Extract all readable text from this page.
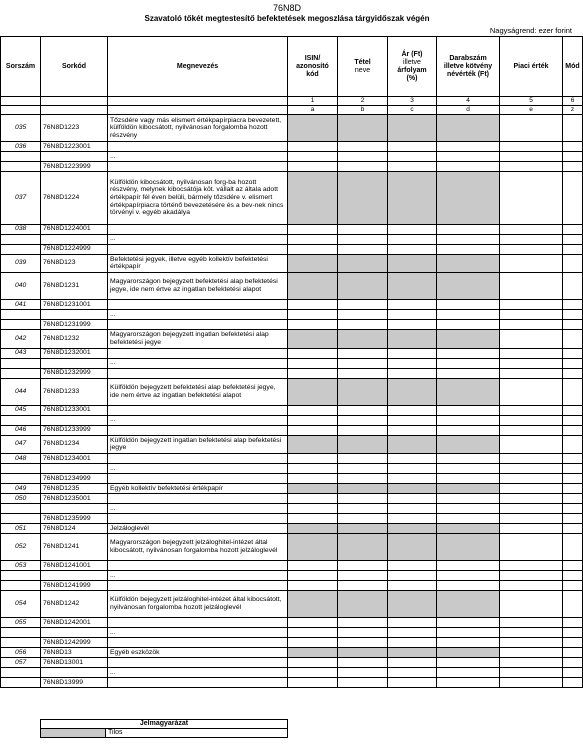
76N8D
Szavatoló tőkét megtestesítő befektetések megoszlása tárgyidőszak végén
Nagyságrend: ezer forint
Sorszám	Sorkód	Megnevezés	ISIN/
azonosító
kód	Tétel
neve	Ár (Ft)
illetve
árfolyam
(%)	Darabszám
illetve kötvény
névérték (Ft)	Piaci érték	Mód
			1	2	3	4	5	6
			a	b	c	d	e	z
035	76N8D1223	Tőzsdére vagy más elismert értékpapírpiacra bevezetett, külföldön kibocsátott, nyilvánosan forgalomba hozott részvény						
036	76N8D1223001							
		...						
	76N8D1223999							
037	76N8D1224	Külföldön kibocsátott, nyilvánosan forg-ba hozott részvény, melynek kibocsátója köt. vállalt az általa adott értékpapír fél éven belüli, bármely tőzsdére v. elismert értékpapírpiacra történő bevezetésére és a bev-nek nincs törvényi v. egyéb akadálya						
038	76N8D1224001							
		...						
	76N8D1224999							
039	76N8D123	Befektetési jegyek, illetve egyéb kollektív befektetési értékpapír						
040	76N8D1231	Magyarországon bejegyzett befektetési alap befektetési jegye, ide nem értve az ingatlan befektetési alapot						
041	76N8D1231001							
		...						
	76N8D1231999							
042	76N8D1232	Magyarországon bejegyzett ingatlan befektetési alap befektetési jegye						
043	76N8D1232001							
		...						
	76N8D1232999							
044	76N8D1233	Külföldön bejegyzett befektetési alap befektetési jegye, ide nem értve az ingatlan befektetési alapot						
045	76N8D1233001							
		...						
046	76N8D1233999							
047	76N8D1234	Külföldön bejegyzett ingatlan befektetési alap befektetési jegye						
048	76N8D1234001							
		...						
	76N8D1234999							
049	76N8D1235	Egyéb kollektív befektetési értékpapír						
050	76N8D1235001							
		...						
	76N8D1235999							
051	76N8D124	Jelzáloglevél						
052	76N8D1241	Magyarországon bejegyzett jelzáloghitel-intézet által kibocsátott, nyilvánosan forgalomba hozott jelzáloglevél						
053	76N8D1241001							
		...						
	76N8D1241999							
054	76N8D1242	Külföldön bejegyzett jelzáloghitel-intézet által kibocsátott, nyilvánosan forgalomba hozott jelzáloglevél						
055	76N8D1242001							
		...						
	76N8D1242999							
056	76N8D13	Egyéb eszközök						
057	76N8D13001							
		...						
	76N8D13999							
Jelmagyarázat
	Tilos
